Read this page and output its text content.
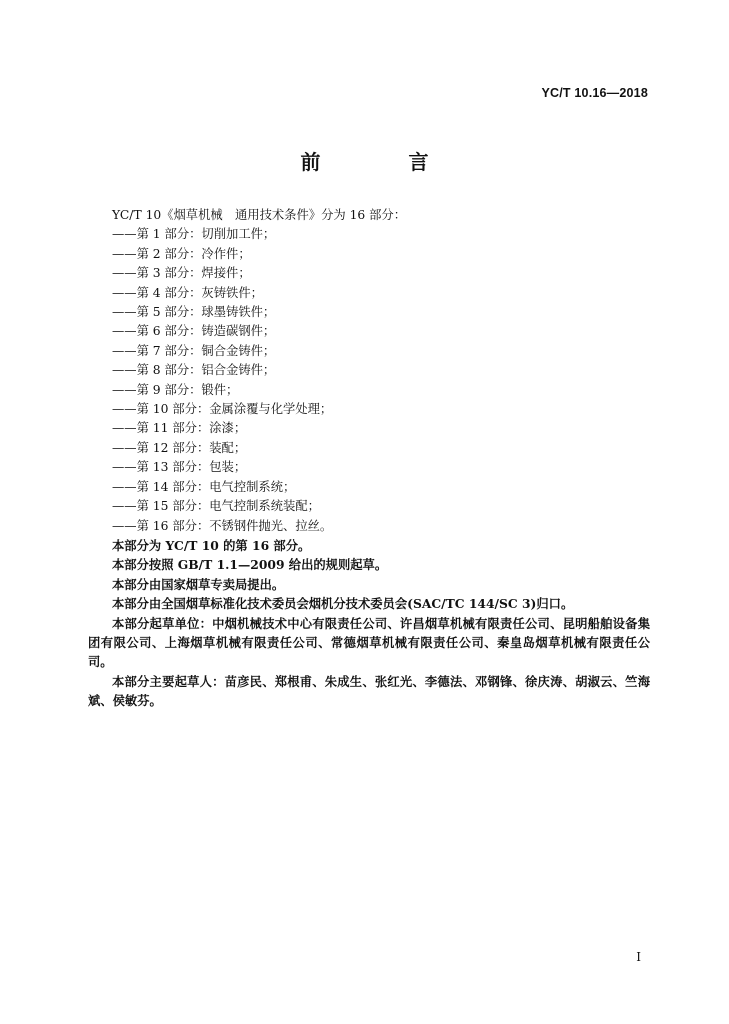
YC/T 10.16—2018
前　言

YC/T 10《烟草机械　通用技术条件》分为 16 部分：

——第 1 部分：切削加工件；
——第 2 部分：冷作件；
——第 3 部分：焊接件；
——第 4 部分：灰铸铁件；
——第 5 部分：球墨铸铁件；
——第 6 部分：铸造碳钢件；
——第 7 部分：铜合金铸件；
——第 8 部分：铝合金铸件；
——第 9 部分：锻件；
——第 10 部分：金属涂覆与化学处理；
——第 11 部分：涂漆；
——第 12 部分：装配；
——第 13 部分：包装；
——第 14 部分：电气控制系统；
——第 15 部分：电气控制系统装配；
——第 16 部分：不锈钢件抛光、拉丝。

本部分为 YC/T 10 的第 16 部分。

本部分按照 GB/T 1.1—2009 给出的规则起草。

本部分由国家烟草专卖局提出。

本部分由全国烟草标准化技术委员会烟机分技术委员会(SAC/TC 144/SC 3)归口。

本部分起草单位：中烟机械技术中心有限责任公司、许昌烟草机械有限责任公司、昆明船舶设备集团有限公司、上海烟草机械有限责任公司、常德烟草机械有限责任公司、秦皇岛烟草机械有限责任公司。

本部分主要起草人：苗彦民、郑根甫、朱成生、张红光、李德法、邓钢锋、徐庆涛、胡淑云、竺海斌、侯敏芬。

I
